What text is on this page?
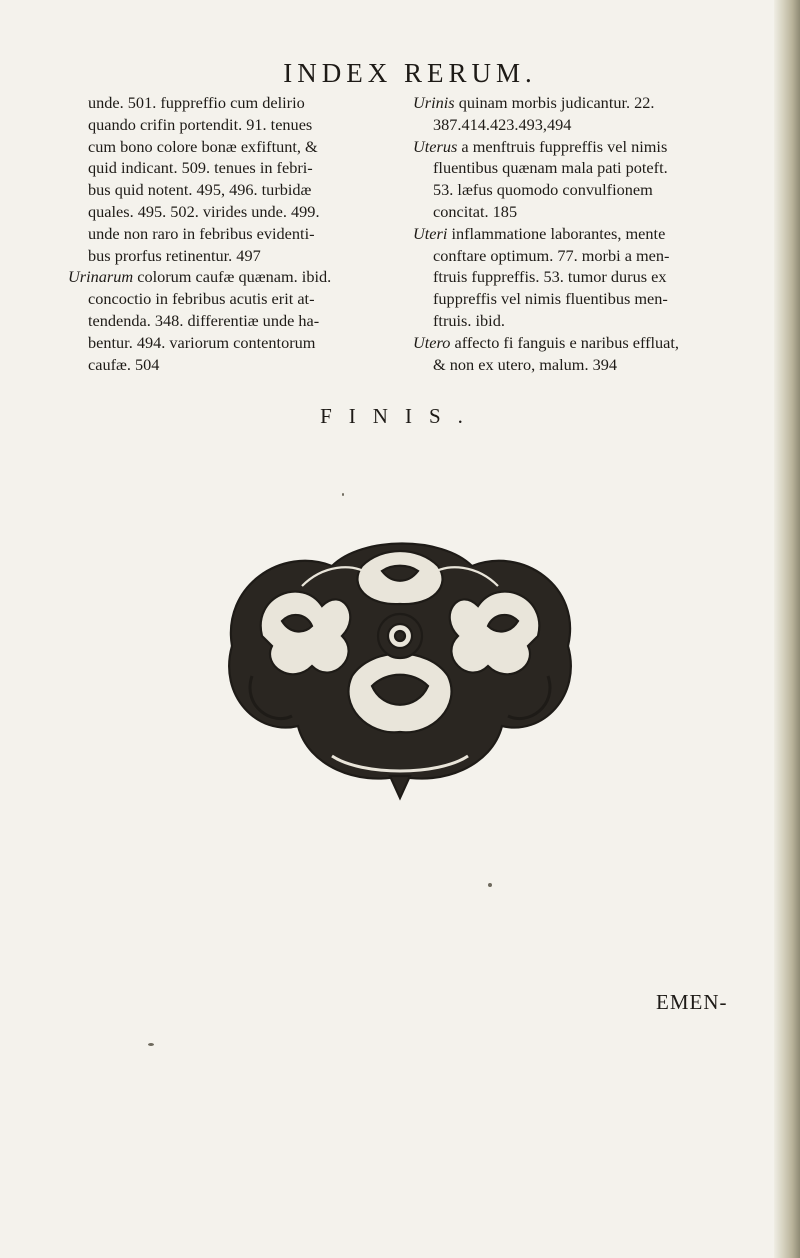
INDEX RERUM.
unde. 501. fuppreffio cum delirio
quando crifin portendit. 91. tenues
cum bono colore bonæ exfiftunt, &
quid indicant. 509. tenues in febri-
bus quid notent. 495, 496. turbidæ
quales. 495. 502. virides unde. 499.
unde non raro in febribus evidenti-
bus prorfus retinentur. 497
Urinarum colorum caufæ quænam. ibid.
concoctio in febribus acutis erit at-
tendenda. 348. differentiæ unde ha-
bentur. 494. variorum contentorum
caufæ. 504
Urinis quinam morbis judicantur. 22.
387.414.423.493,494
Uterus a menftruis fuppreffis vel nimis
fluentibus quænam mala pati poteft.
53. læfus quomodo convulfionem
concitat. 185
Uteri inflammatione laborantes, mente
conftare optimum. 77. morbi a men-
ftruis fuppreffis. 53. tumor durus ex
fuppreffis vel nimis fluentibus men-
ftruis. ibid.
Utero affecto fi fanguis e naribus effluat,
& non ex utero, malum. 394
FINIS.
EMEN-
